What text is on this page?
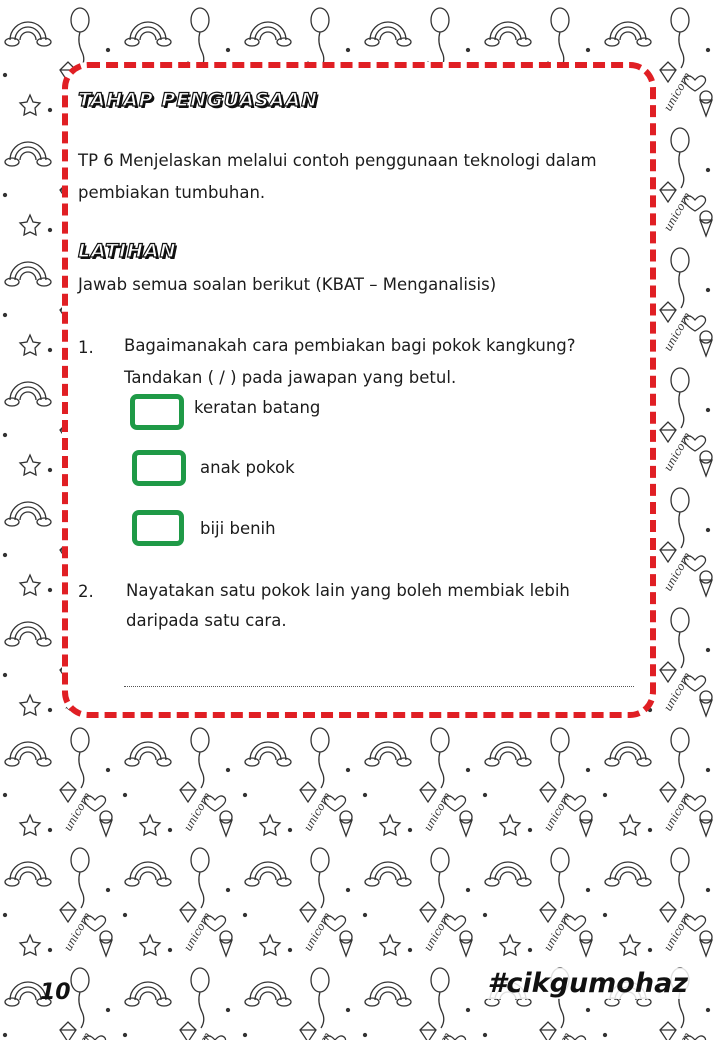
TAHAP PENGUASAAN
TP 6 Menjelaskan melalui contoh penggunaan teknologi dalam
pembiakan tumbuhan.
LATIHAN
Jawab semua soalan berikut (KBAT – Menganalisis)
1. Bagaimanakah cara pembiakan bagi pokok kangkung?
Tandakan ( / ) pada jawapan yang betul.
keratan batang
anak pokok
biji benih
2. Nayatakan satu pokok lain yang boleh membiak lebih
daripada satu cara.
10	#cikgumohaz
